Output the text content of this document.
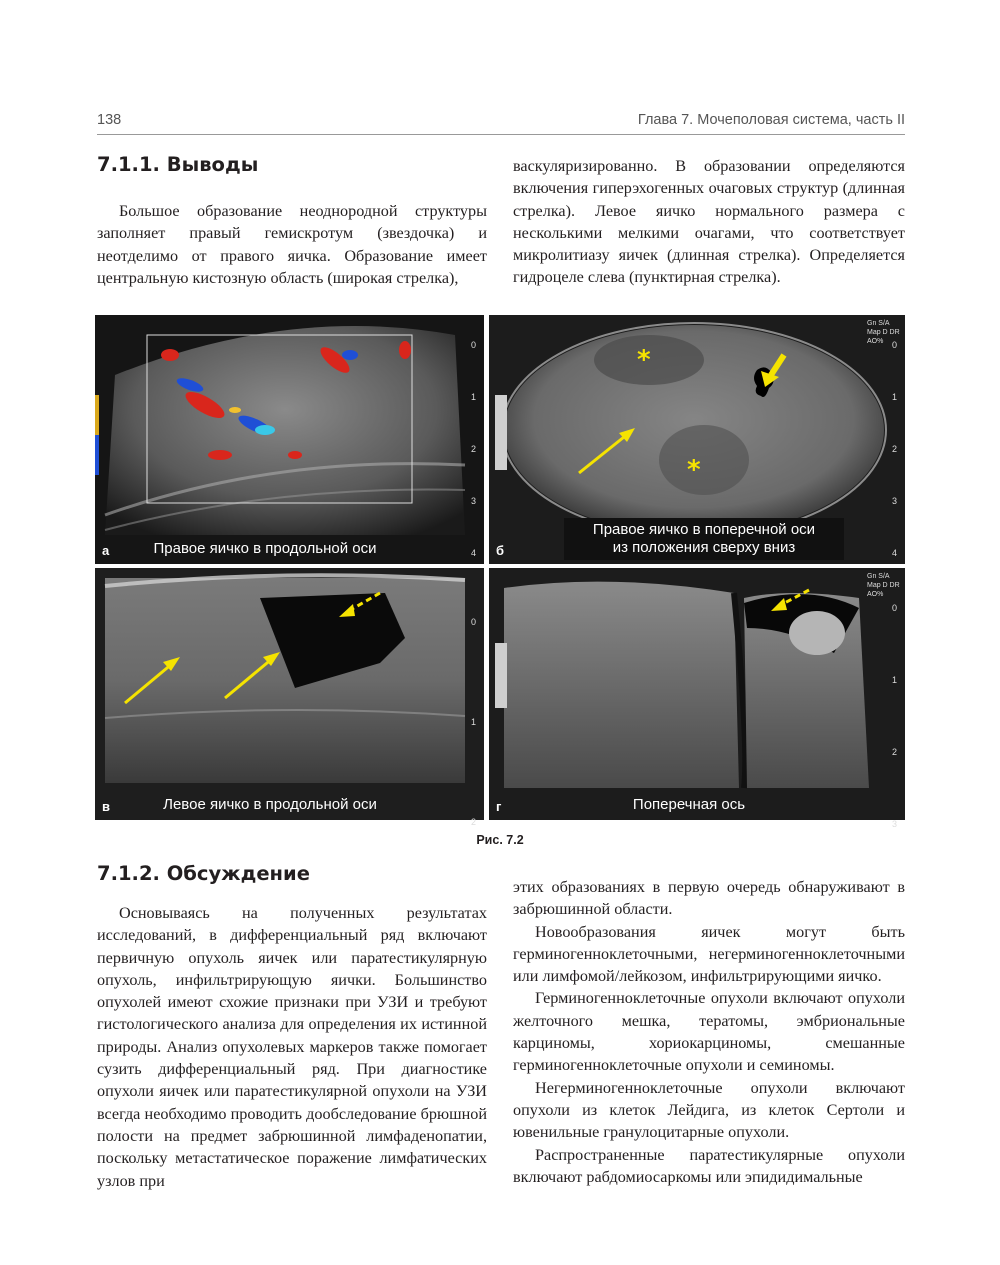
138	Глава 7. Мочеполовая система, часть II
7.1.1. Выводы

Большое образование неоднородной структуры заполняет правый гемискротум (звездочка) и неотделимо от правого яичка. Образование имеет центральную кистозную область (широкая стрелка),

васкуляризированно. В образовании определяются включения гиперэхогенных очаговых структур (длинная стрелка). Левое яичко нормального размера с несколькими мелкими очагами, что соответствует микролитиазу яичек (длинная стрелка). Определяется гидроцеле слева (пунктирная стрелка).

0
1
2
3
4
Правое яичко в продольной оси
а
*
*
0
1
2
3
4
Gn S/A Map D DR AO%
Правое яичко в поперечной оси
из положения сверху вниз
б
0
1
2
Левое яичко в продольной оси
в
0
1
2
3
Gn S/A Map D DR AO%
Поперечная ось
г
Рис. 7.2
7.1.2. Обсуждение

Основываясь на полученных результатах исследований, в дифференциальный ряд включают первичную опухоль яичек или паратестикулярную опухоль, инфильтрирующую яички. Большинство опухолей имеют схожие признаки при УЗИ и требуют гистологического анализа для определения их истинной природы. Анализ опухолевых маркеров также помогает сузить дифференциальный ряд. При диагностике опухоли яичек или паратестикулярной опухоли на УЗИ всегда необходимо проводить дообследование брюшной полости на предмет забрюшинной лимфаденопатии, поскольку метастатическое поражение лимфатических узлов при

этих образованиях в первую очередь обнаруживают в забрюшинной области.

Новообразования яичек могут быть герминогенноклеточными, негерминогенноклеточными или лимфомой/лейкозом, инфильтрирующими яичко.

Герминогенноклеточные опухоли включают опухоли желточного мешка, тератомы, эмбриональные карциномы, хориокарциномы, смешанные герминогенноклеточные опухоли и семиномы.

Негерминогенноклеточные опухоли включают опухоли из клеток Лейдига, из клеток Сертоли и ювенильные гранулоцитарные опухоли.

Распространенные паратестикулярные опухоли включают рабдомиосаркомы или эпидидимальные
